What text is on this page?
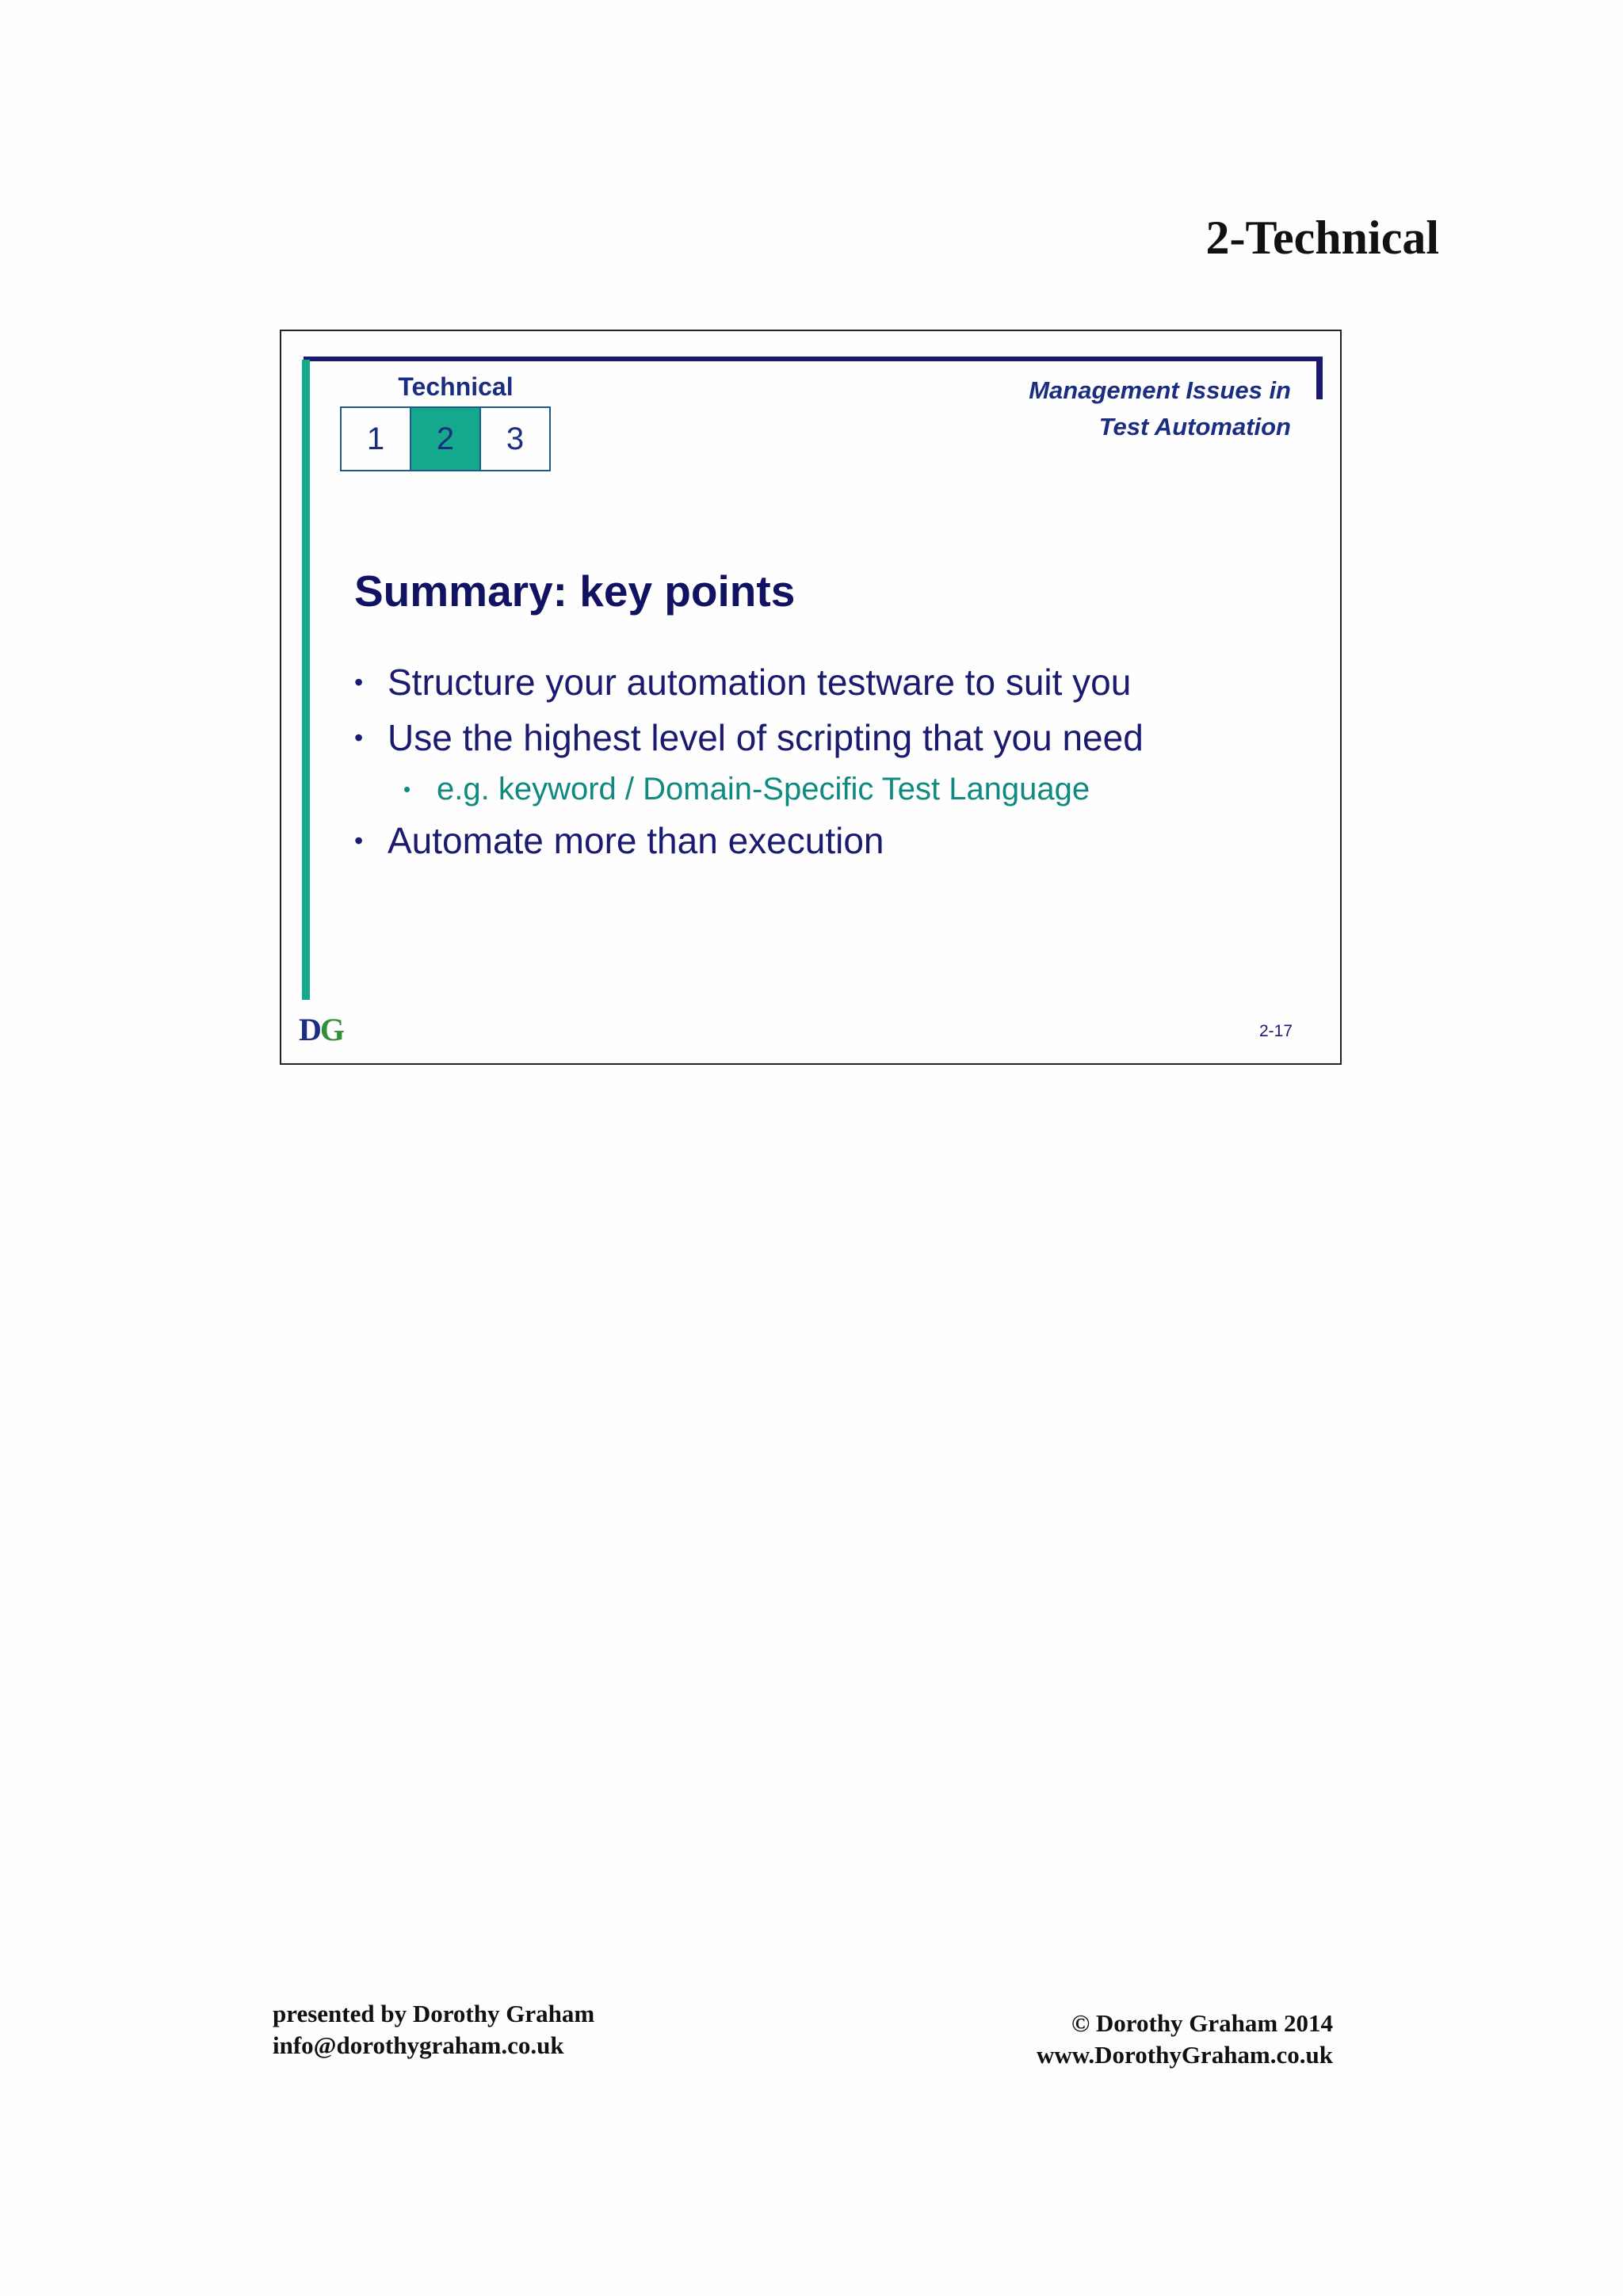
2-Technical
Technical
1	2	3
Management Issues in
Test Automation
Summary: key points
• Structure your automation testware to suit you
• Use the highest level of scripting that you need
• e.g. keyword / Domain-Specific Test Language
• Automate more than execution
DG	2-17
presented by Dorothy Graham
info@dorothygraham.co.uk
© Dorothy Graham 2014
www.DorothyGraham.co.uk
